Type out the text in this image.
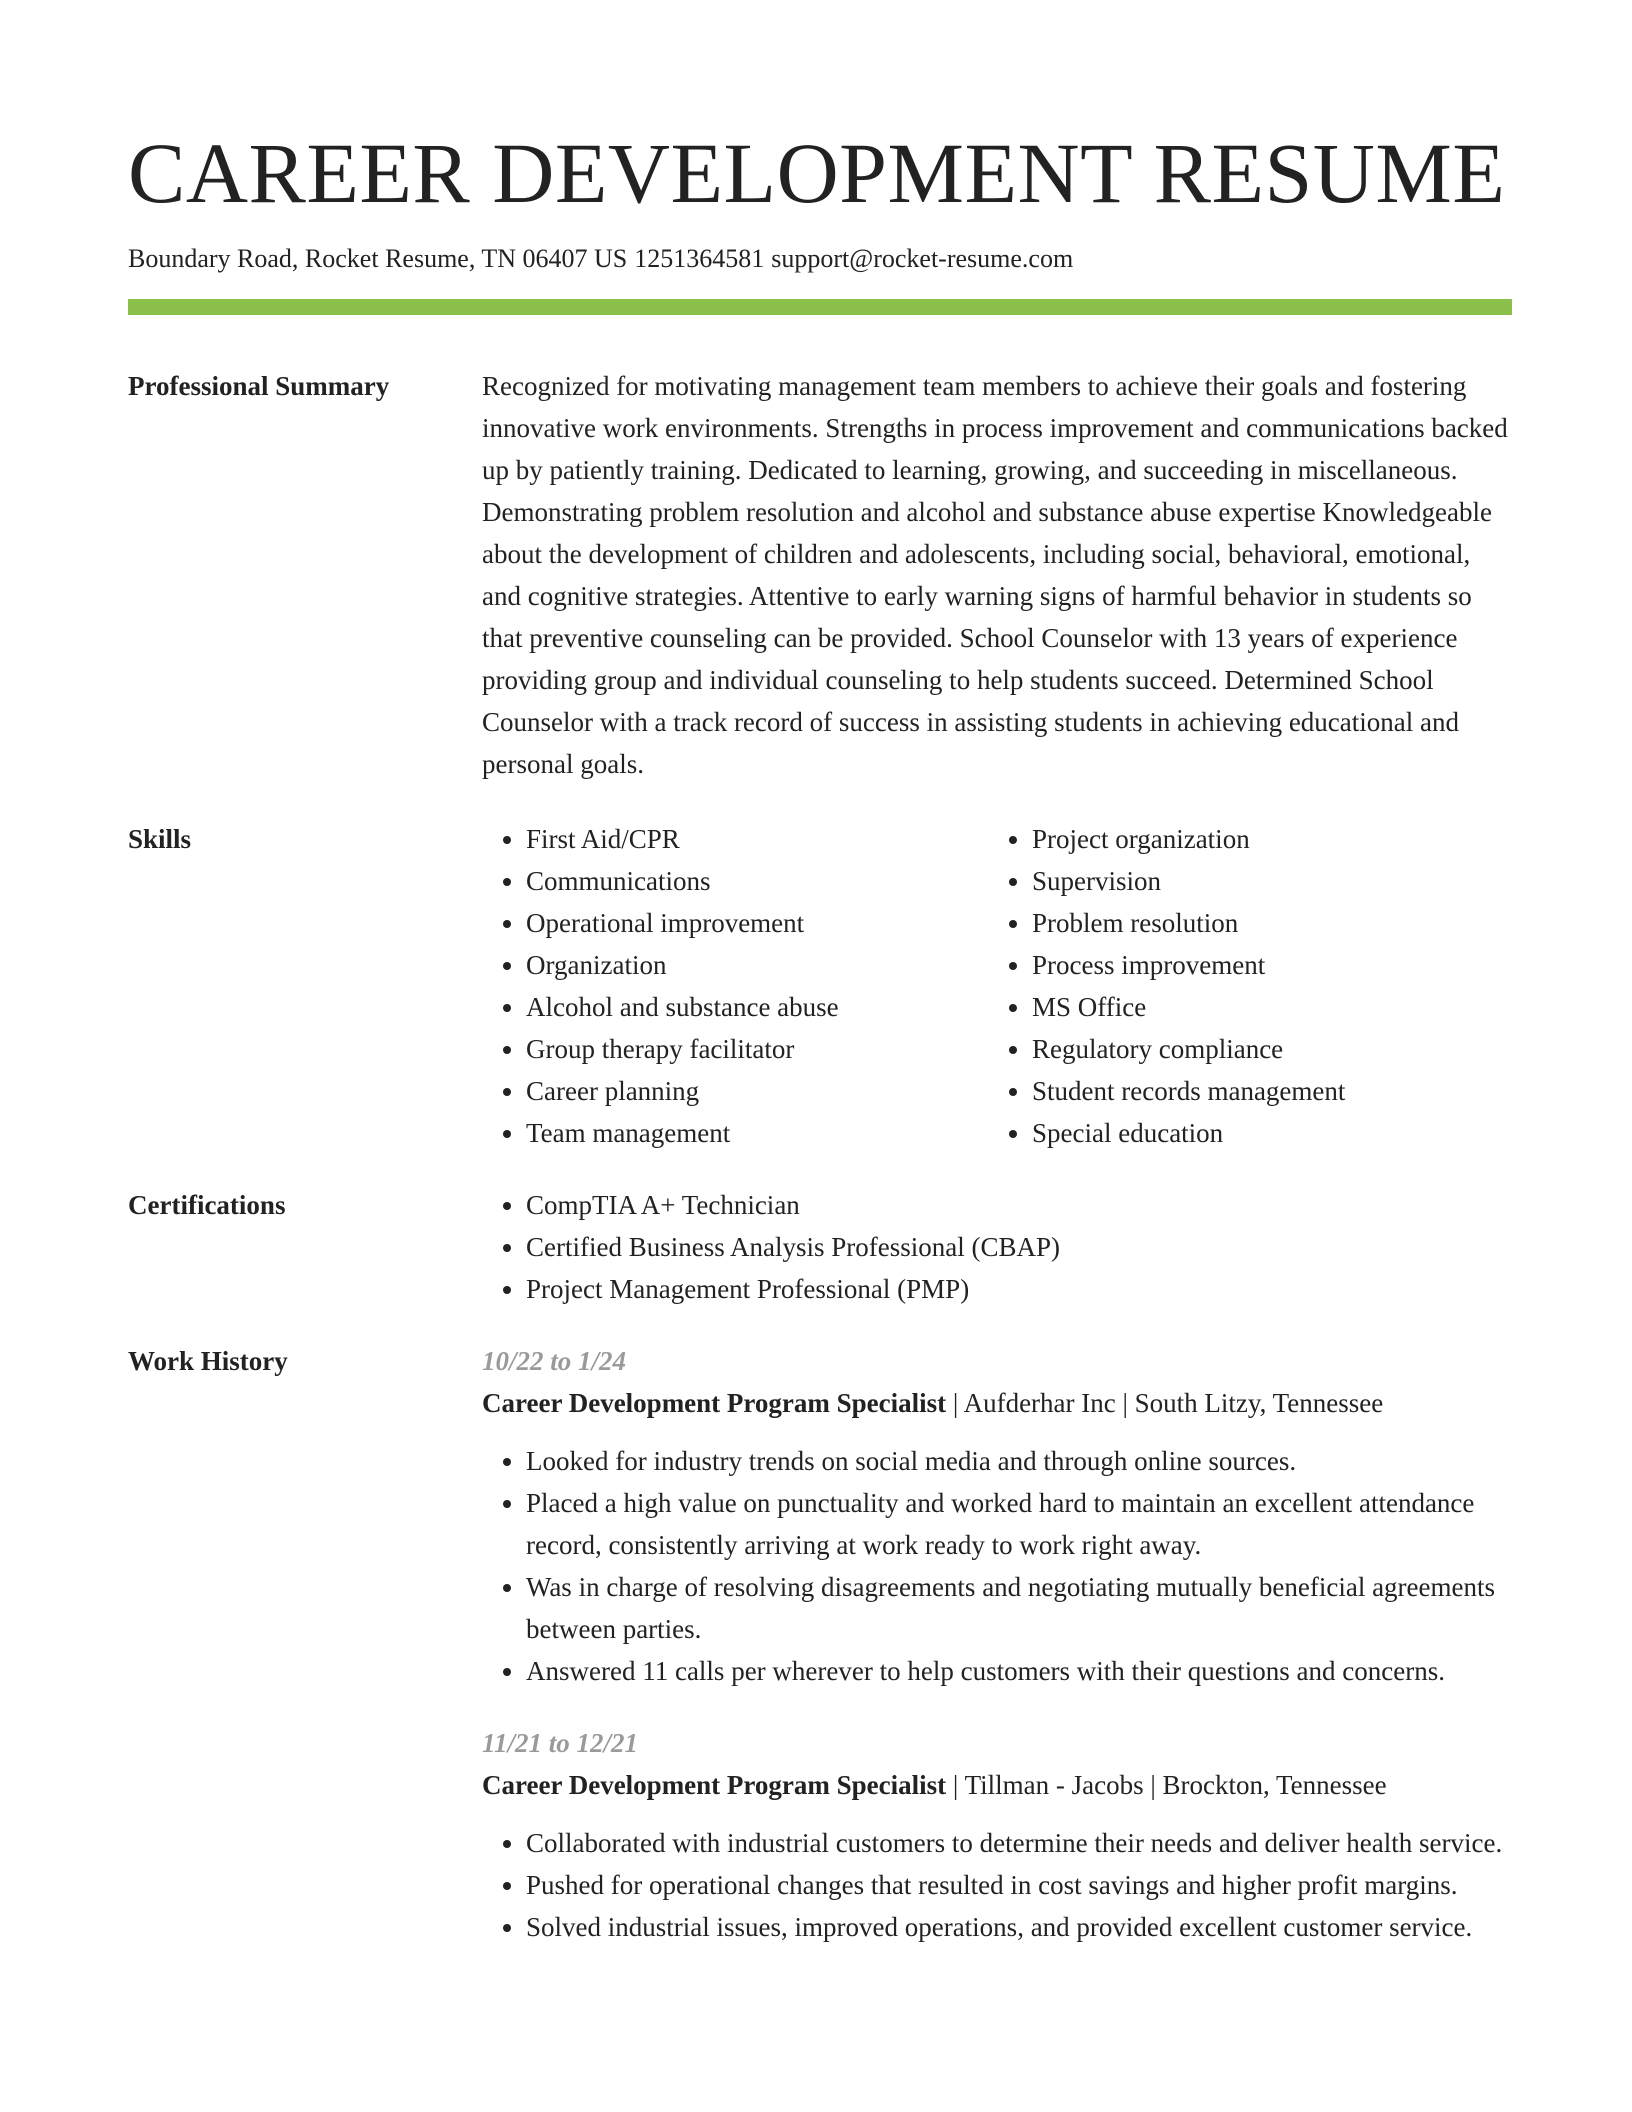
CAREER DEVELOPMENT RESUME
Boundary Road, Rocket Resume, TN 06407 US 1251364581 support@rocket-resume.com
Professional Summary	Recognized for motivating management team members to achieve their goals and fostering innovative work environments. Strengths in process improvement and communications backed up by patiently training. Dedicated to learning, growing, and succeeding in miscellaneous. Demonstrating problem resolution and alcohol and substance abuse expertise Knowledgeable about the development of children and adolescents, including social, behavioral, emotional, and cognitive strategies. Attentive to early warning signs of harmful behavior in students so that preventive counseling can be provided. School Counselor with 13 years of experience providing group and individual counseling to help students succeed. Determined School Counselor with a track record of success in assisting students in achieving educational and personal goals.

Skills	• First Aid/CPR
• Communications
• Operational improvement
• Organization
• Alcohol and substance abuse
• Group therapy facilitator
• Career planning
• Team management
• Project organization
• Supervision
• Problem resolution
• Process improvement
• MS Office
• Regulatory compliance
• Student records management
• Special education
Certifications	• CompTIA A+ Technician
• Certified Business Analysis Professional (CBAP)
• Project Management Professional (PMP)
Work History	10/22 to 1/24
Career Development Program Specialist | Aufderhar Inc | South Litzy, Tennessee
• Looked for industry trends on social media and through online sources.
• Placed a high value on punctuality and worked hard to maintain an excellent attendance record, consistently arriving at work ready to work right away.
• Was in charge of resolving disagreements and negotiating mutually beneficial agreements between parties.
• Answered 11 calls per wherever to help customers with their questions and concerns.
11/21 to 12/21
Career Development Program Specialist | Tillman - Jacobs | Brockton, Tennessee
• Collaborated with industrial customers to determine their needs and deliver health service.
• Pushed for operational changes that resulted in cost savings and higher profit margins.
• Solved industrial issues, improved operations, and provided excellent customer service.
